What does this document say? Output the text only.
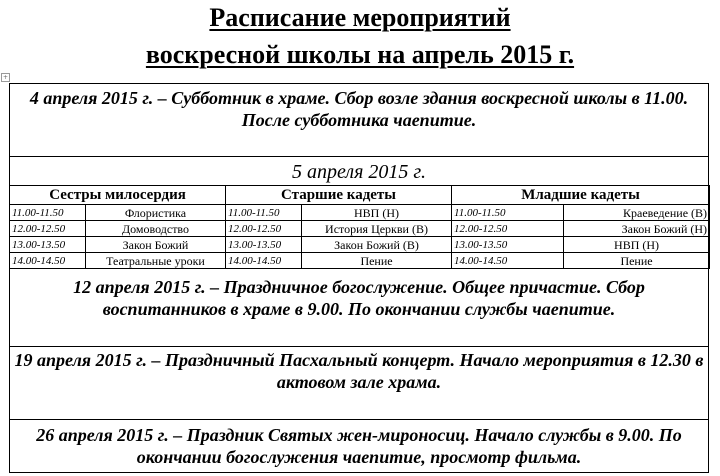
Расписание мероприятий
воскресной школы на апрель 2015 г.
+
4 апреля 2015 г. – Субботник в храме. Сбор возле здания воскресной школы в 11.00. После субботника чаепитие.
5 апреля 2015 г.
Сестры милосердия		Старшие кадеты		Младшие кадеты	
11.00-11.50	Флористика	11.00-11.50	НВП (Н)	11.00-11.50	Краеведение (В)
12.00-12.50	Домоводство	12.00-12.50	История Церкви (В)	12.00-12.50	Закон Божий (Н)
13.00-13.50	Закон Божий	13.00-13.50	Закон Божий (В)	13.00-13.50	НВП (Н)
14.00-14.50	Театральные уроки	14.00-14.50	Пение	14.00-14.50	Пение
12 апреля 2015 г. – Праздничное богослужение. Общее причастие. Сбор воспитанников в храме в 9.00. По окончании службы чаепитие.
19 апреля 2015 г. – Праздничный Пасхальный концерт. Начало мероприятия в 12.30 в актовом зале храма.
26 апреля 2015 г. – Праздник Святых жен-мироносиц. Начало службы в 9.00. По окончании богослужения чаепитие, просмотр фильма.
